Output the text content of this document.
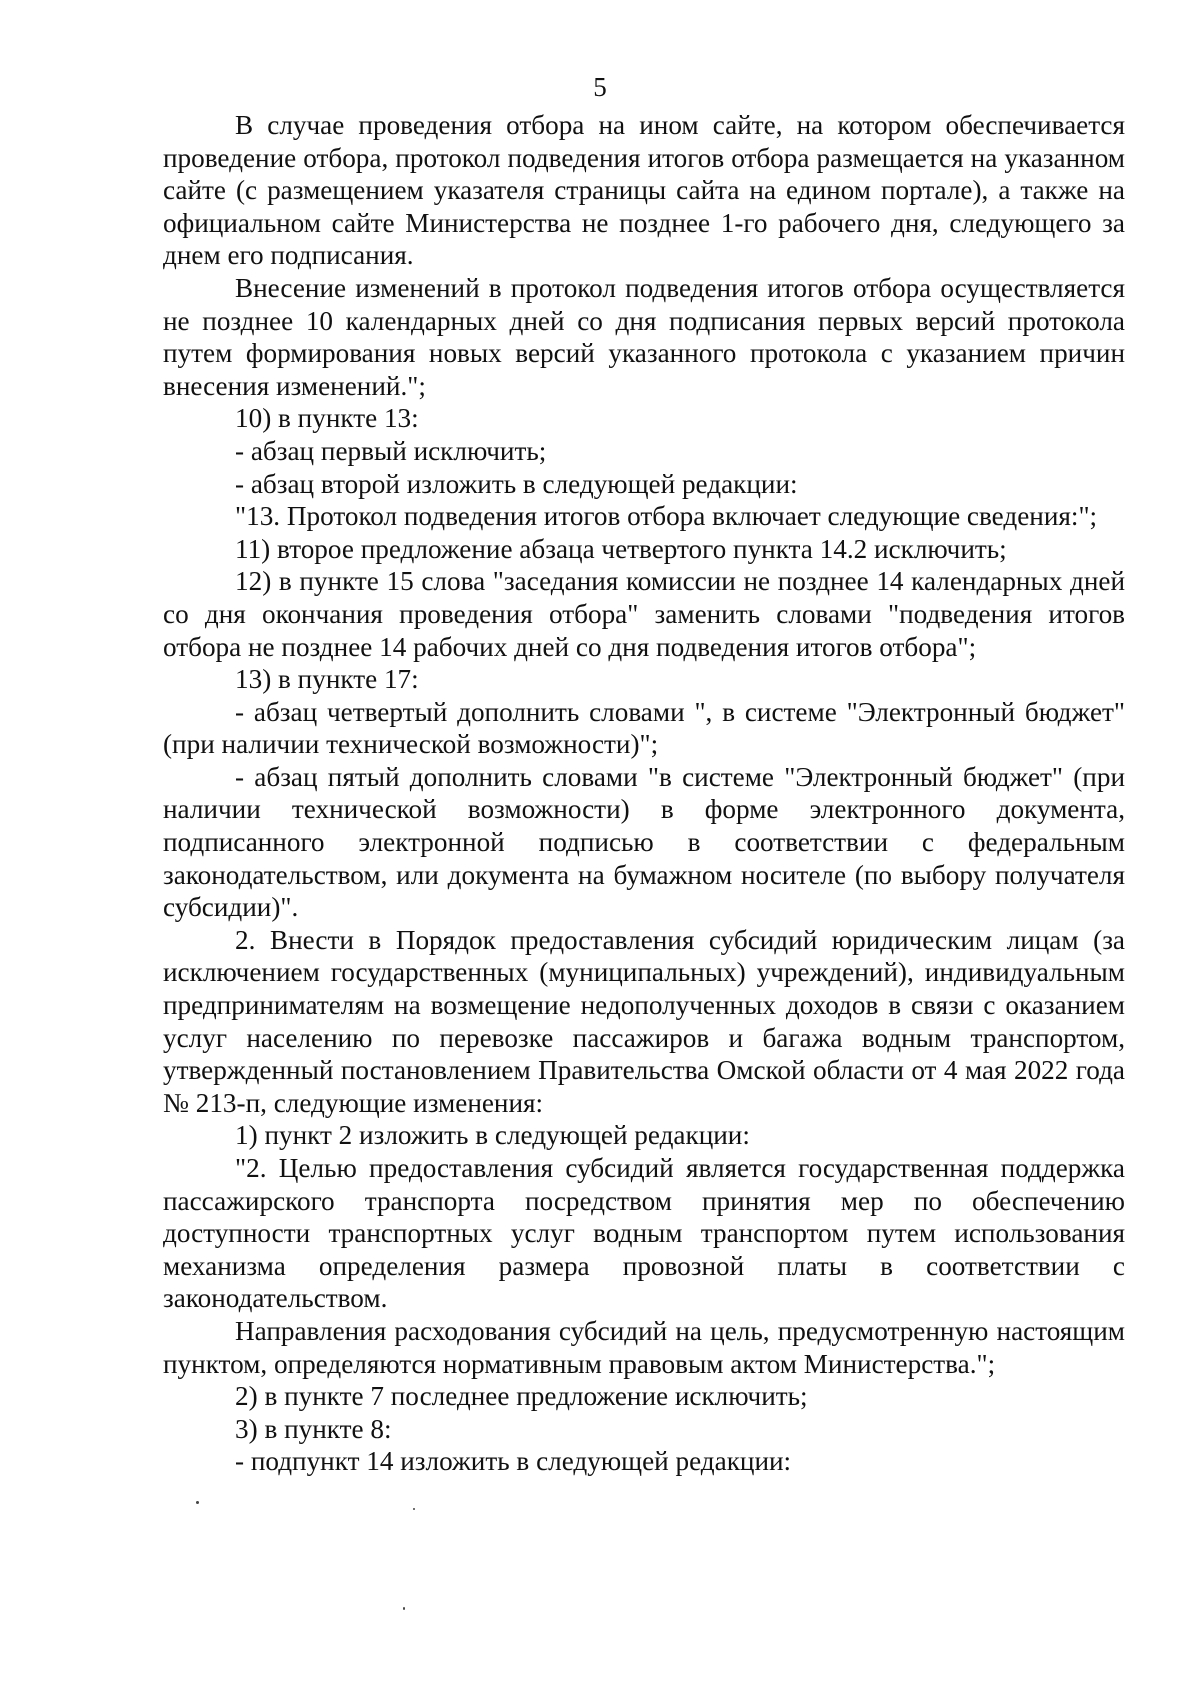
5

В случае проведения отбора на ином сайте, на котором обеспечивается проведение отбора, протокол подведения итогов отбора размещается на указанном сайте (с размещением указателя страницы сайта на едином портале), а также на официальном сайте Министерства не позднее 1-го рабочего дня, следующего за днем его подписания.

Внесение изменений в протокол подведения итогов отбора осуществляется не позднее 10 календарных дней со дня подписания первых версий протокола путем формирования новых версий указанного протокола с указанием причин внесения изменений.";

10) в пункте 13:

- абзац первый исключить;

- абзац второй изложить в следующей редакции:

"13. Протокол подведения итогов отбора включает следующие сведения:";

11) второе предложение абзаца четвертого пункта 14.2 исключить;

12) в пункте 15 слова "заседания комиссии не позднее 14 календарных дней со дня окончания проведения отбора" заменить словами "подведения итогов отбора не позднее 14 рабочих дней со дня подведения итогов отбора";

13) в пункте 17:

- абзац четвертый дополнить словами ", в системе "Электронный бюджет" (при наличии технической возможности)";

- абзац пятый дополнить словами "в системе "Электронный бюджет" (при наличии технической возможности) в форме электронного документа, подписанного электронной подписью в соответствии с федеральным законодательством, или документа на бумажном носителе (по выбору получателя субсидии)".

2. Внести в Порядок предоставления субсидий юридическим лицам (за исключением государственных (муниципальных) учреждений), индивидуальным предпринимателям на возмещение недополученных доходов в связи с оказанием услуг населению по перевозке пассажиров и багажа водным транспортом, утвержденный постановлением Правительства Омской области от 4 мая 2022 года № 213-п, следующие изменения:

1) пункт 2 изложить в следующей редакции:

"2. Целью предоставления субсидий является государственная поддержка пассажирского транспорта посредством принятия мер по обеспечению доступности транспортных услуг водным транспортом путем использования механизма определения размера провозной платы в соответствии с законодательством.

Направления расходования субсидий на цель, предусмотренную настоящим пунктом, определяются нормативным правовым актом Министерства.";

2) в пункте 7 последнее предложение исключить;

3) в пункте 8:

- подпункт 14 изложить в следующей редакции:
